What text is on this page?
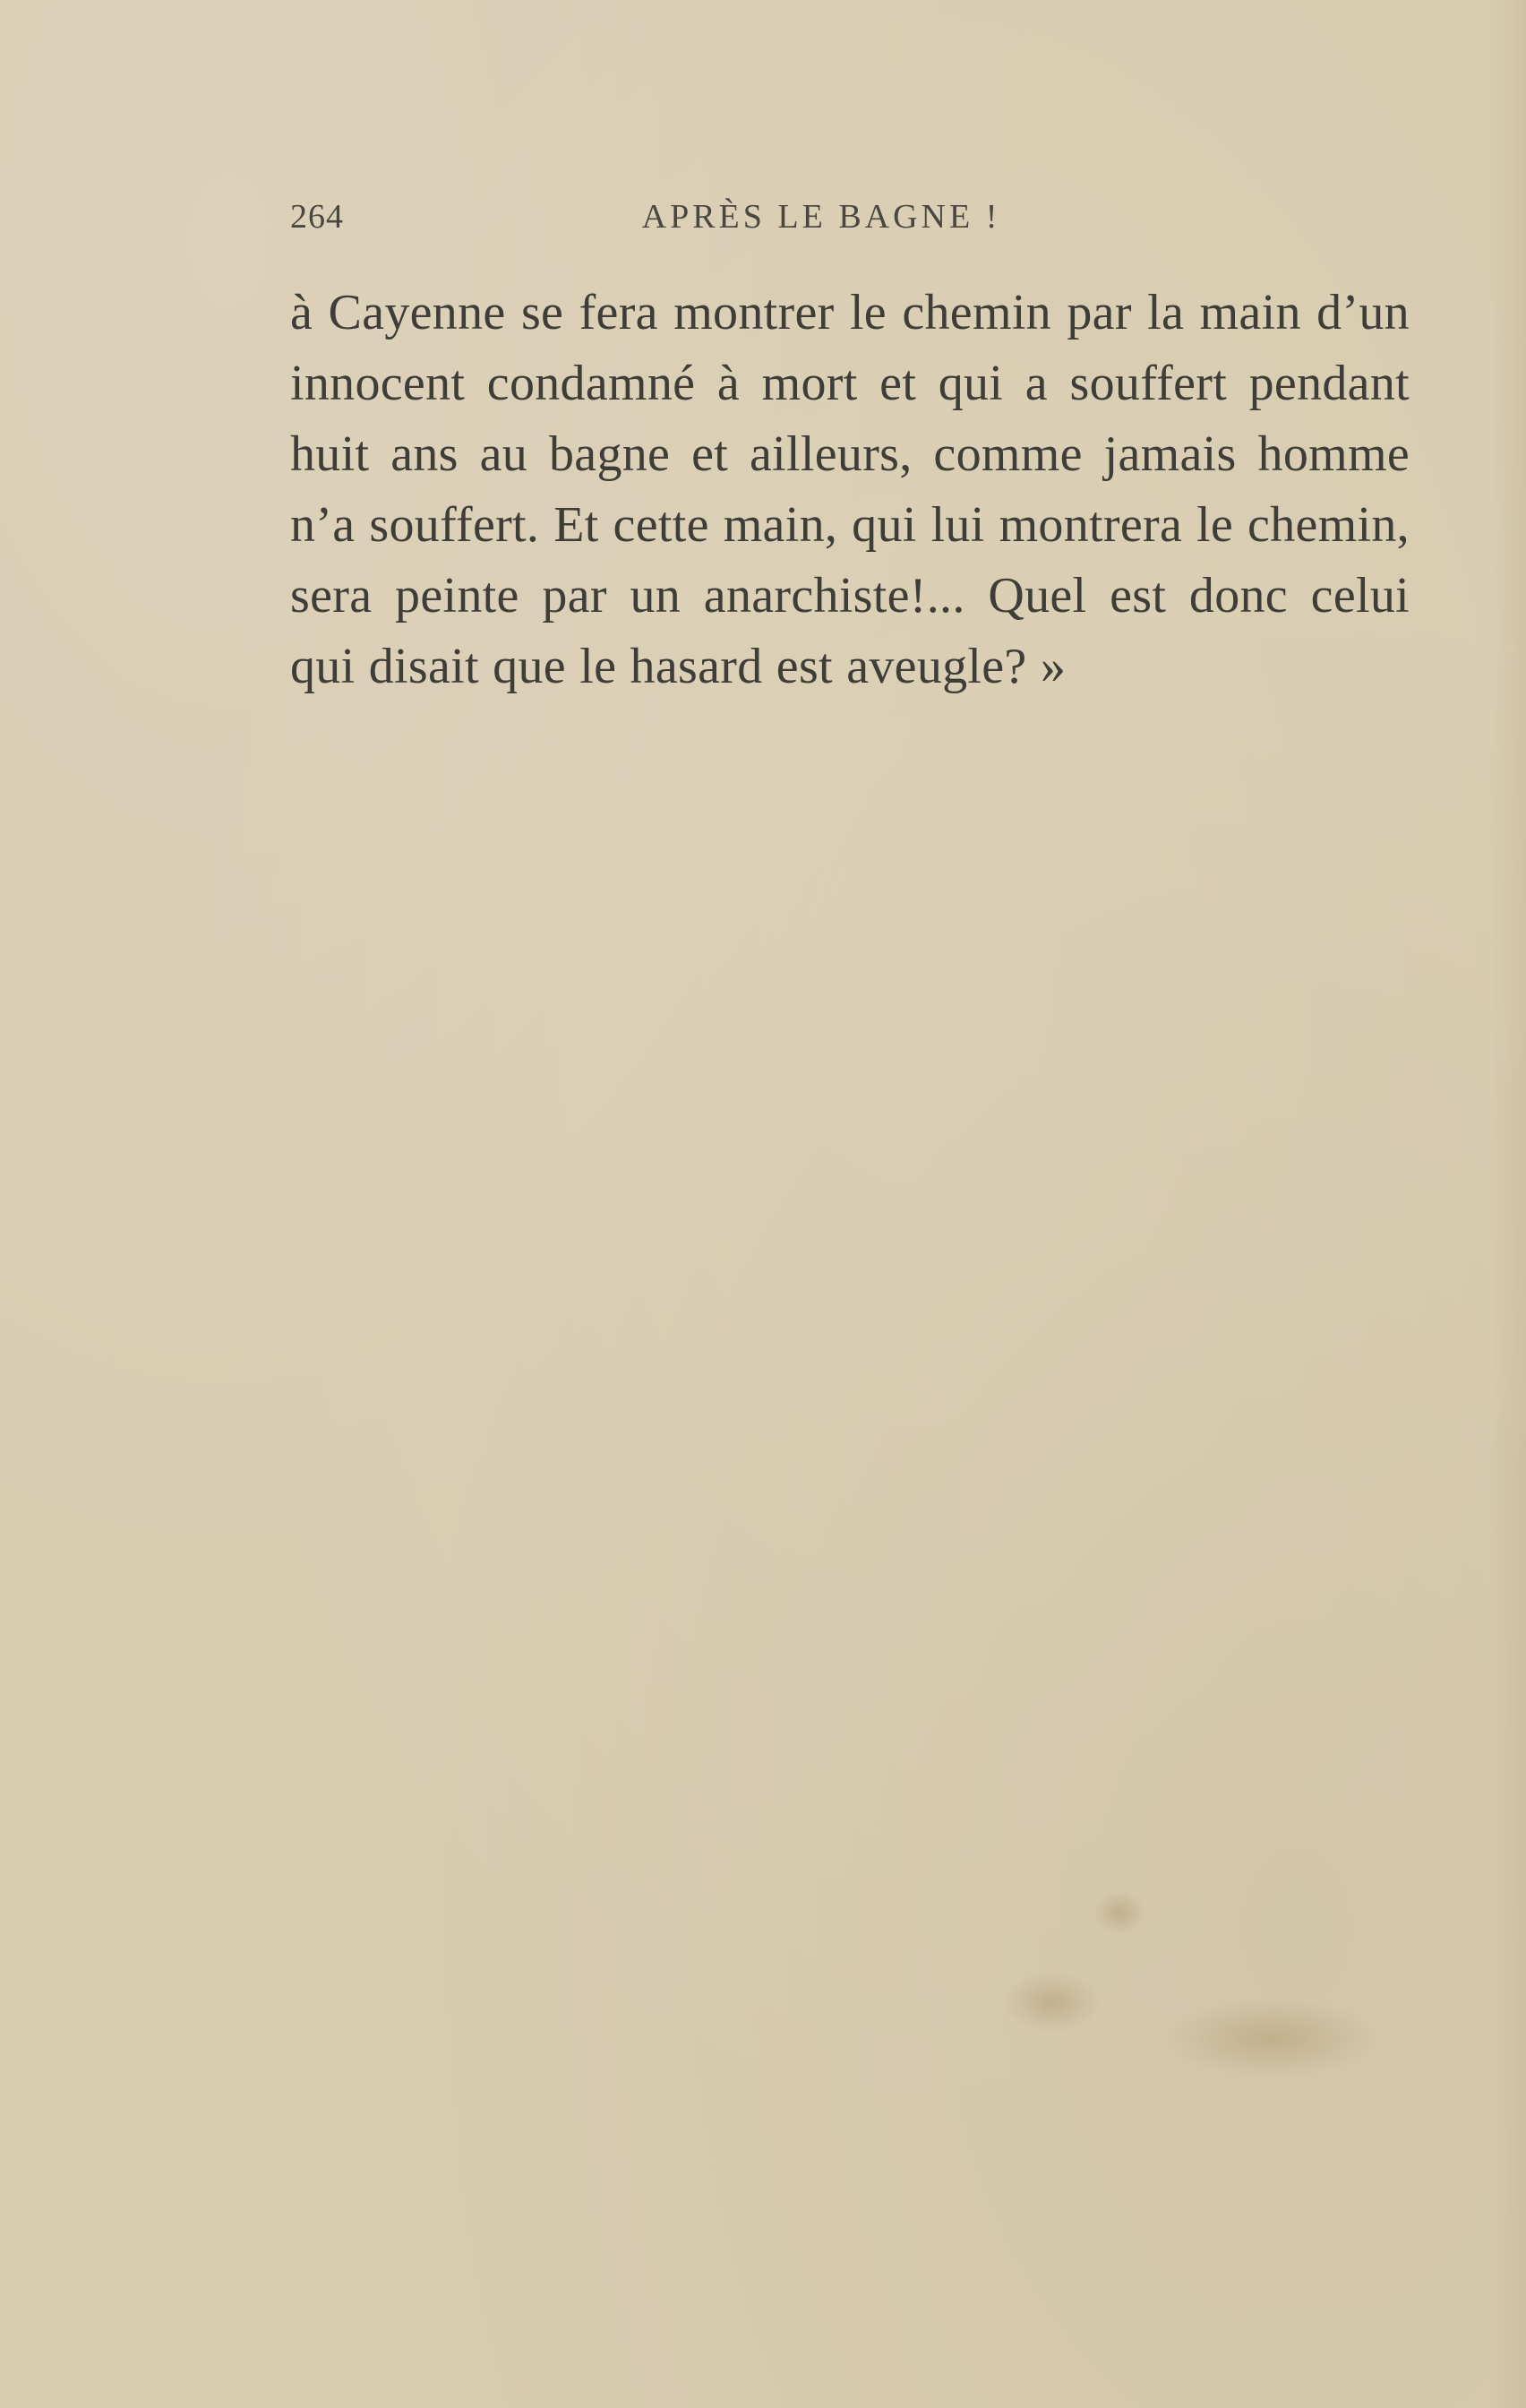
264	APRÈS LE BAGNE !

à Cayenne se fera montrer le chemin par la main d’un innocent condamné à mort et qui a souffert pendant huit ans au bagne et ailleurs, comme jamais homme n’a souffert. Et cette main, qui lui montrera le chemin, sera peinte par un anarchiste!... Quel est donc celui qui disait que le hasard est aveugle? »
